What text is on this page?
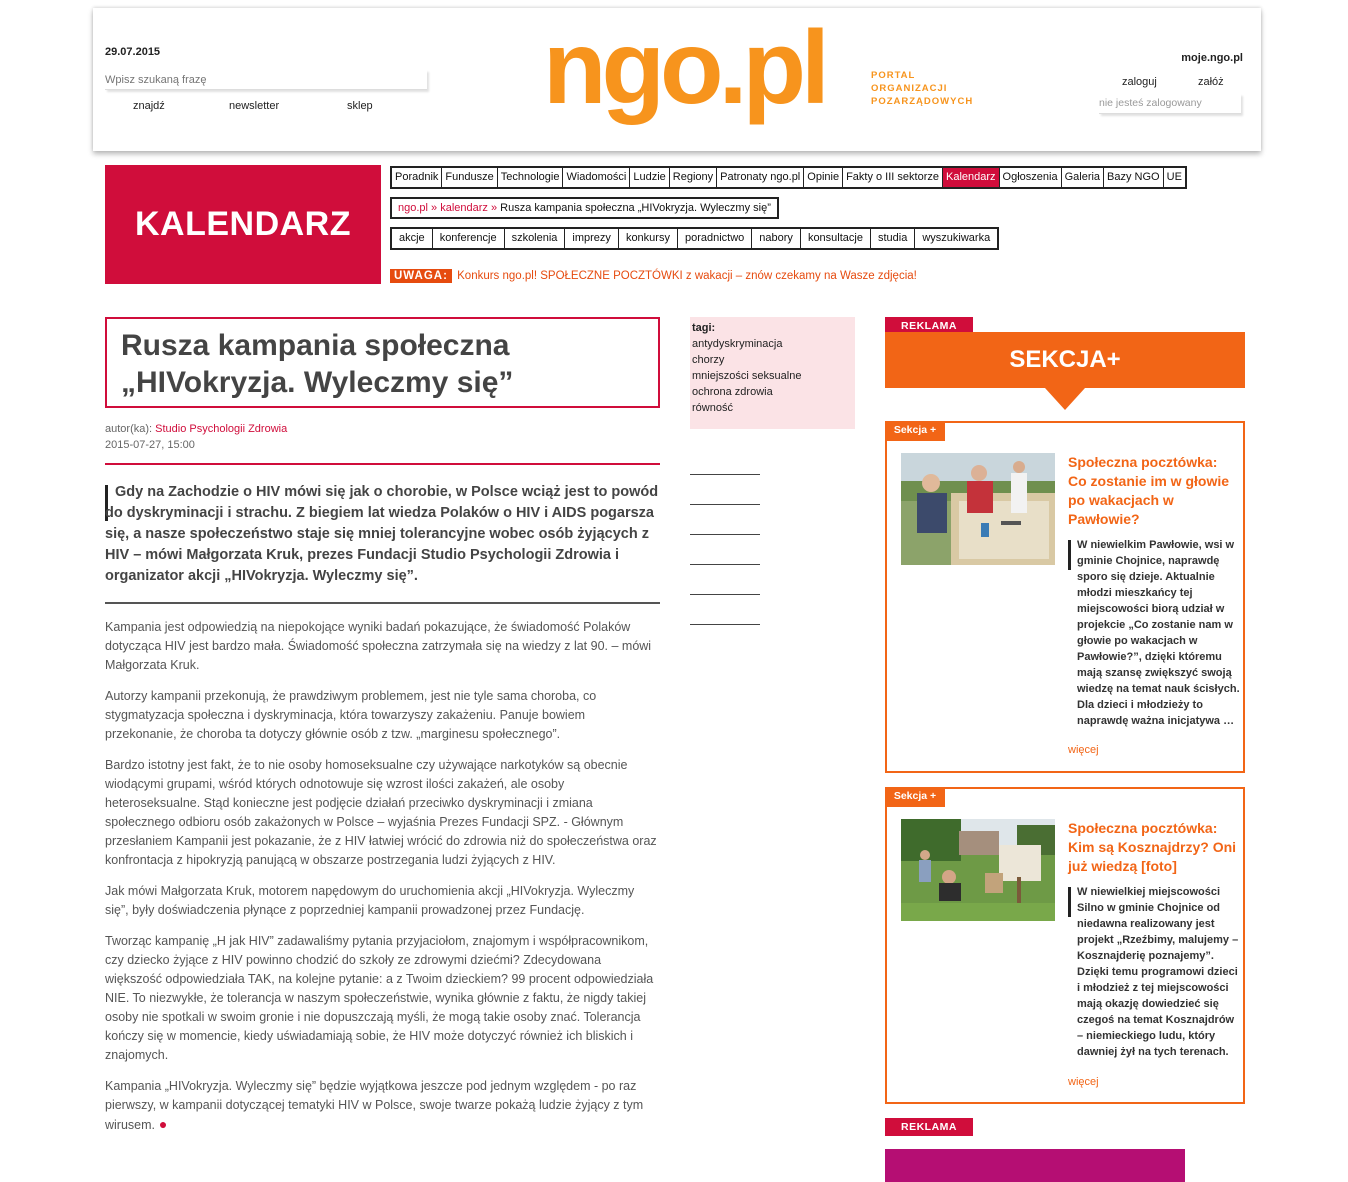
29.07.2015
Wpisz szukaną frazę
znajdź	newsletter	sklep ngo.pl	PORTAL
ORGANIZACJI
POZARZĄDOWYCH
moje.ngo.pl
zaloguj	załóż
nie jesteś zalogowany
KALENDARZ
Poradnik Fundusze Technologie Wiadomości Ludzie Regiony Patronaty ngo.pl Opinie Fakty o III sektorze Kalendarz Ogłoszenia Galeria Bazy NGO UE
ngo.pl » kalendarz » Rusza kampania społeczna „HIVokryzja. Wyleczmy się”
akcje	konferencje	szkolenia	imprezy	konkursy	poradnictwo	nabory	konsultacje	studia	wyszukiwarka
UWAGA: Konkurs ngo.pl! SPOŁECZNE POCZTÓWKI z wakacji – znów czekamy na Wasze zdjęcia!
Rusza kampania społeczna „HIVokryzja. Wyleczmy się”
autor(ka): Studio Psychologii Zdrowia
2015-07-27, 15:00
Gdy na Zachodzie o HIV mówi się jak o chorobie, w Polsce wciąż jest to powód do dyskryminacji i strachu. Z biegiem lat wiedza Polaków o HIV i AIDS pogarsza się, a nasze społeczeństwo staje się mniej tolerancyjne wobec osób żyjących z HIV – mówi Małgorzata Kruk, prezes Fundacji Studio Psychologii Zdrowia i organizator akcji „HIVokryzja. Wyleczmy się”.

Kampania jest odpowiedzią na niepokojące wyniki badań pokazujące, że świadomość Polaków dotycząca HIV jest bardzo mała. Świadomość społeczna zatrzymała się na wiedzy z lat 90. – mówi Małgorzata Kruk.

Autorzy kampanii przekonują, że prawdziwym problemem, jest nie tyle sama choroba, co stygmatyzacja społeczna i dyskryminacja, która towarzyszy zakażeniu. Panuje bowiem przekonanie, że choroba ta dotyczy głównie osób z tzw. „marginesu społecznego”.

Bardzo istotny jest fakt, że to nie osoby homoseksualne czy używające narkotyków są obecnie wiodącymi grupami, wśród których odnotowuje się wzrost ilości zakażeń, ale osoby heteroseksualne. Stąd konieczne jest podjęcie działań przeciwko dyskryminacji i zmiana społecznego odbioru osób zakażonych w Polsce – wyjaśnia Prezes Fundacji SPZ. - Głównym przesłaniem Kampanii jest pokazanie, że z HIV łatwiej wrócić do zdrowia niż do społeczeństwa oraz konfrontacja z hipokryzją panującą w obszarze postrzegania ludzi żyjących z HIV.

Jak mówi Małgorzata Kruk, motorem napędowym do uruchomienia akcji „HIVokryzja. Wyleczmy się”, były doświadczenia płynące z poprzedniej kampanii prowadzonej przez Fundację.

Tworząc kampanię „H jak HIV” zadawaliśmy pytania przyjaciołom, znajomym i współpracownikom, czy dziecko żyjące z HIV powinno chodzić do szkoły ze zdrowymi dziećmi? Zdecydowana większość odpowiedziała TAK, na kolejne pytanie: a z Twoim dzieckiem? 99 procent odpowiedziała NIE. To niezwykłe, że tolerancja w naszym społeczeństwie, wynika głównie z faktu, że nigdy takiej osoby nie spotkali w swoim gronie i nie dopuszczają myśli, że mogą takie osoby znać. Tolerancja kończy się w momencie, kiedy uświadamiają sobie, że HIV może dotyczyć również ich bliskich i znajomych.

Kampania „HIVokryzja. Wyleczmy się” będzie wyjątkowa jeszcze pod jednym względem - po raz pierwszy, w kampanii dotyczącej tematyki HIV w Polsce, swoje twarze pokażą ludzie żyjący z tym wirusem. ●

tagi:
antydyskryminacja
chorzy
mniejszości seksualne
ochrona zdrowia
równość
REKLAMA
SEKCJA+
Sekcja +
Społeczna pocztówka: Co zostanie im w głowie po wakacjach w Pawłowie?
W niewielkim Pawłowie, wsi w gminie Chojnice, naprawdę sporo się dzieje. Aktualnie młodzi mieszkańcy tej miejscowości biorą udział w projekcie „Co zostanie nam w głowie po wakacjach w Pawłowie?”, dzięki któremu mają szansę zwiększyć swoją wiedzę na temat nauk ścisłych. Dla dzieci i młodzieży to naprawdę ważna inicjatywa …
więcej
Sekcja +
Społeczna pocztówka: Kim są Kosznajdrzy? Oni już wiedzą [foto]
W niewielkiej miejscowości Silno w gminie Chojnice od niedawna realizowany jest projekt „Rzeźbimy, malujemy – Kosznajderię poznajemy”. Dzięki temu programowi dzieci i młodzież z tej miejscowości mają okazję dowiedzieć się czegoś na temat Kosznajdrów – niemieckiego ludu, który dawniej żył na tych terenach.
więcej
REKLAMA
